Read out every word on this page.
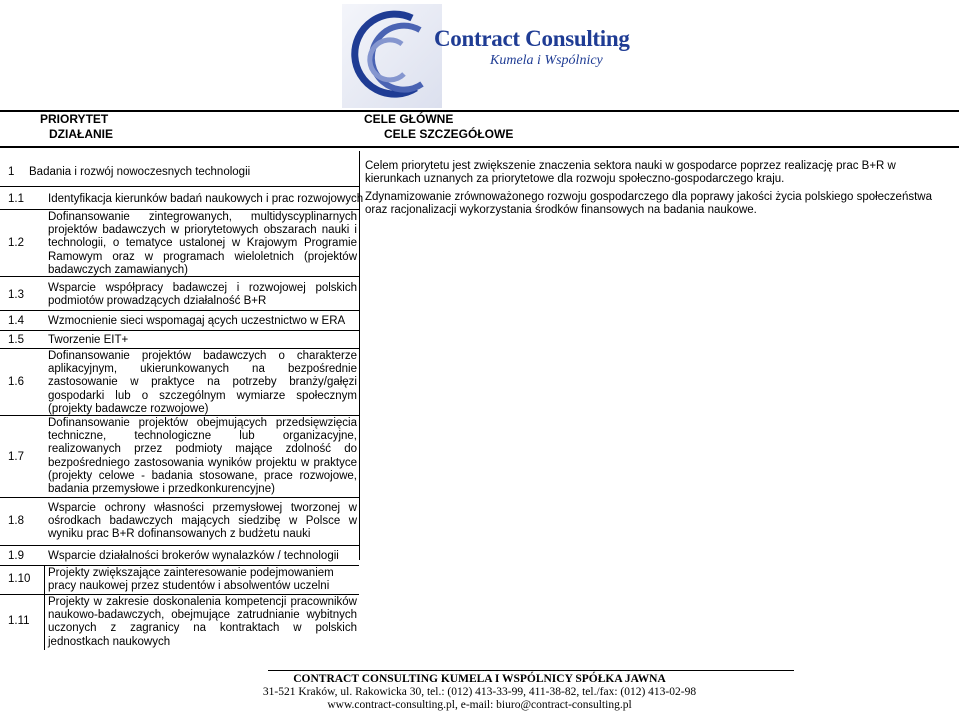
Contract Consulting
Kumela i Wspólnicy
PRIORYTET
DZIAŁANIE
CELE GŁÓWNE
CELE SZCZEGÓŁOWE
1 Badania i rozwój nowoczesnych technologii	Celem priorytetu jest zwiększenie znaczenia sektora nauki w gospodarce poprzez realizację prac B+R w kierunkach uznanych za priorytetowe dla rozwoju społeczno-gospodarczego kraju.
Zdynamizowanie zrównoważonego rozwoju gospodarczego dla poprawy jakości życia polskiego społeczeństwa oraz racjonalizacji wykorzystania środków finansowych na badania naukowe.
1.1 Identyfikacja kierunków badań naukowych i prac rozwojowych
1.2
Dofinansowanie zintegrowanych, multidyscyplinarnych projektów badawczych w priorytetowych obszarach nauki i technologii, o tematyce ustalonej w Krajowym Programie Ramowym oraz w programach wieloletnich (projektów badawczych zamawianych)
1.3
Wsparcie współpracy badawczej i rozwojowej polskich podmiotów prowadzących działalność B+R
1.4 Wzmocnienie sieci wspomagaj ących uczestnictwo w ERA
1.5 Tworzenie EIT+
1.6
Dofinansowanie projektów badawczych o charakterze aplikacyjnym, ukierunkowanych na bezpośrednie zastosowanie w praktyce na potrzeby branży/gałęzi gospodarki lub o szczególnym wymiarze społecznym (projekty badawcze rozwojowe)
1.7
Dofinansowanie projektów obejmujących przedsięwzięcia techniczne, technologiczne lub organizacyjne, realizowanych przez podmioty mające zdolność do bezpośredniego zastosowania wyników projektu w praktyce (projekty celowe - badania stosowane, prace rozwojowe, badania przemysłowe i przedkonkurencyjne)
1.8
Wsparcie ochrony własności przemysłowej tworzonej w ośrodkach badawczych mających siedzibę w Polsce w wyniku prac B+R dofinansowanych z budżetu nauki
1.9 Wsparcie działalności brokerów wynalazków / technologii
1.10 Projekty zwiększające zainteresowanie podejmowaniem pracy naukowej przez studentów i absolwentów uczelni
1.11
Projekty w zakresie doskonalenia kompetencji pracowników naukowo-badawczych, obejmujące zatrudnianie wybitnych uczonych z zagranicy na kontraktach w polskich jednostkach naukowych
CONTRACT CONSULTING KUMELA I WSPÓLNICY SPÓŁKA JAWNA
31-521 Kraków, ul. Rakowicka 30, tel.: (012) 413-33-99, 411-38-82, tel./fax: (012) 413-02-98
www.contract-consulting.pl, e-mail: biuro@contract-consulting.pl
